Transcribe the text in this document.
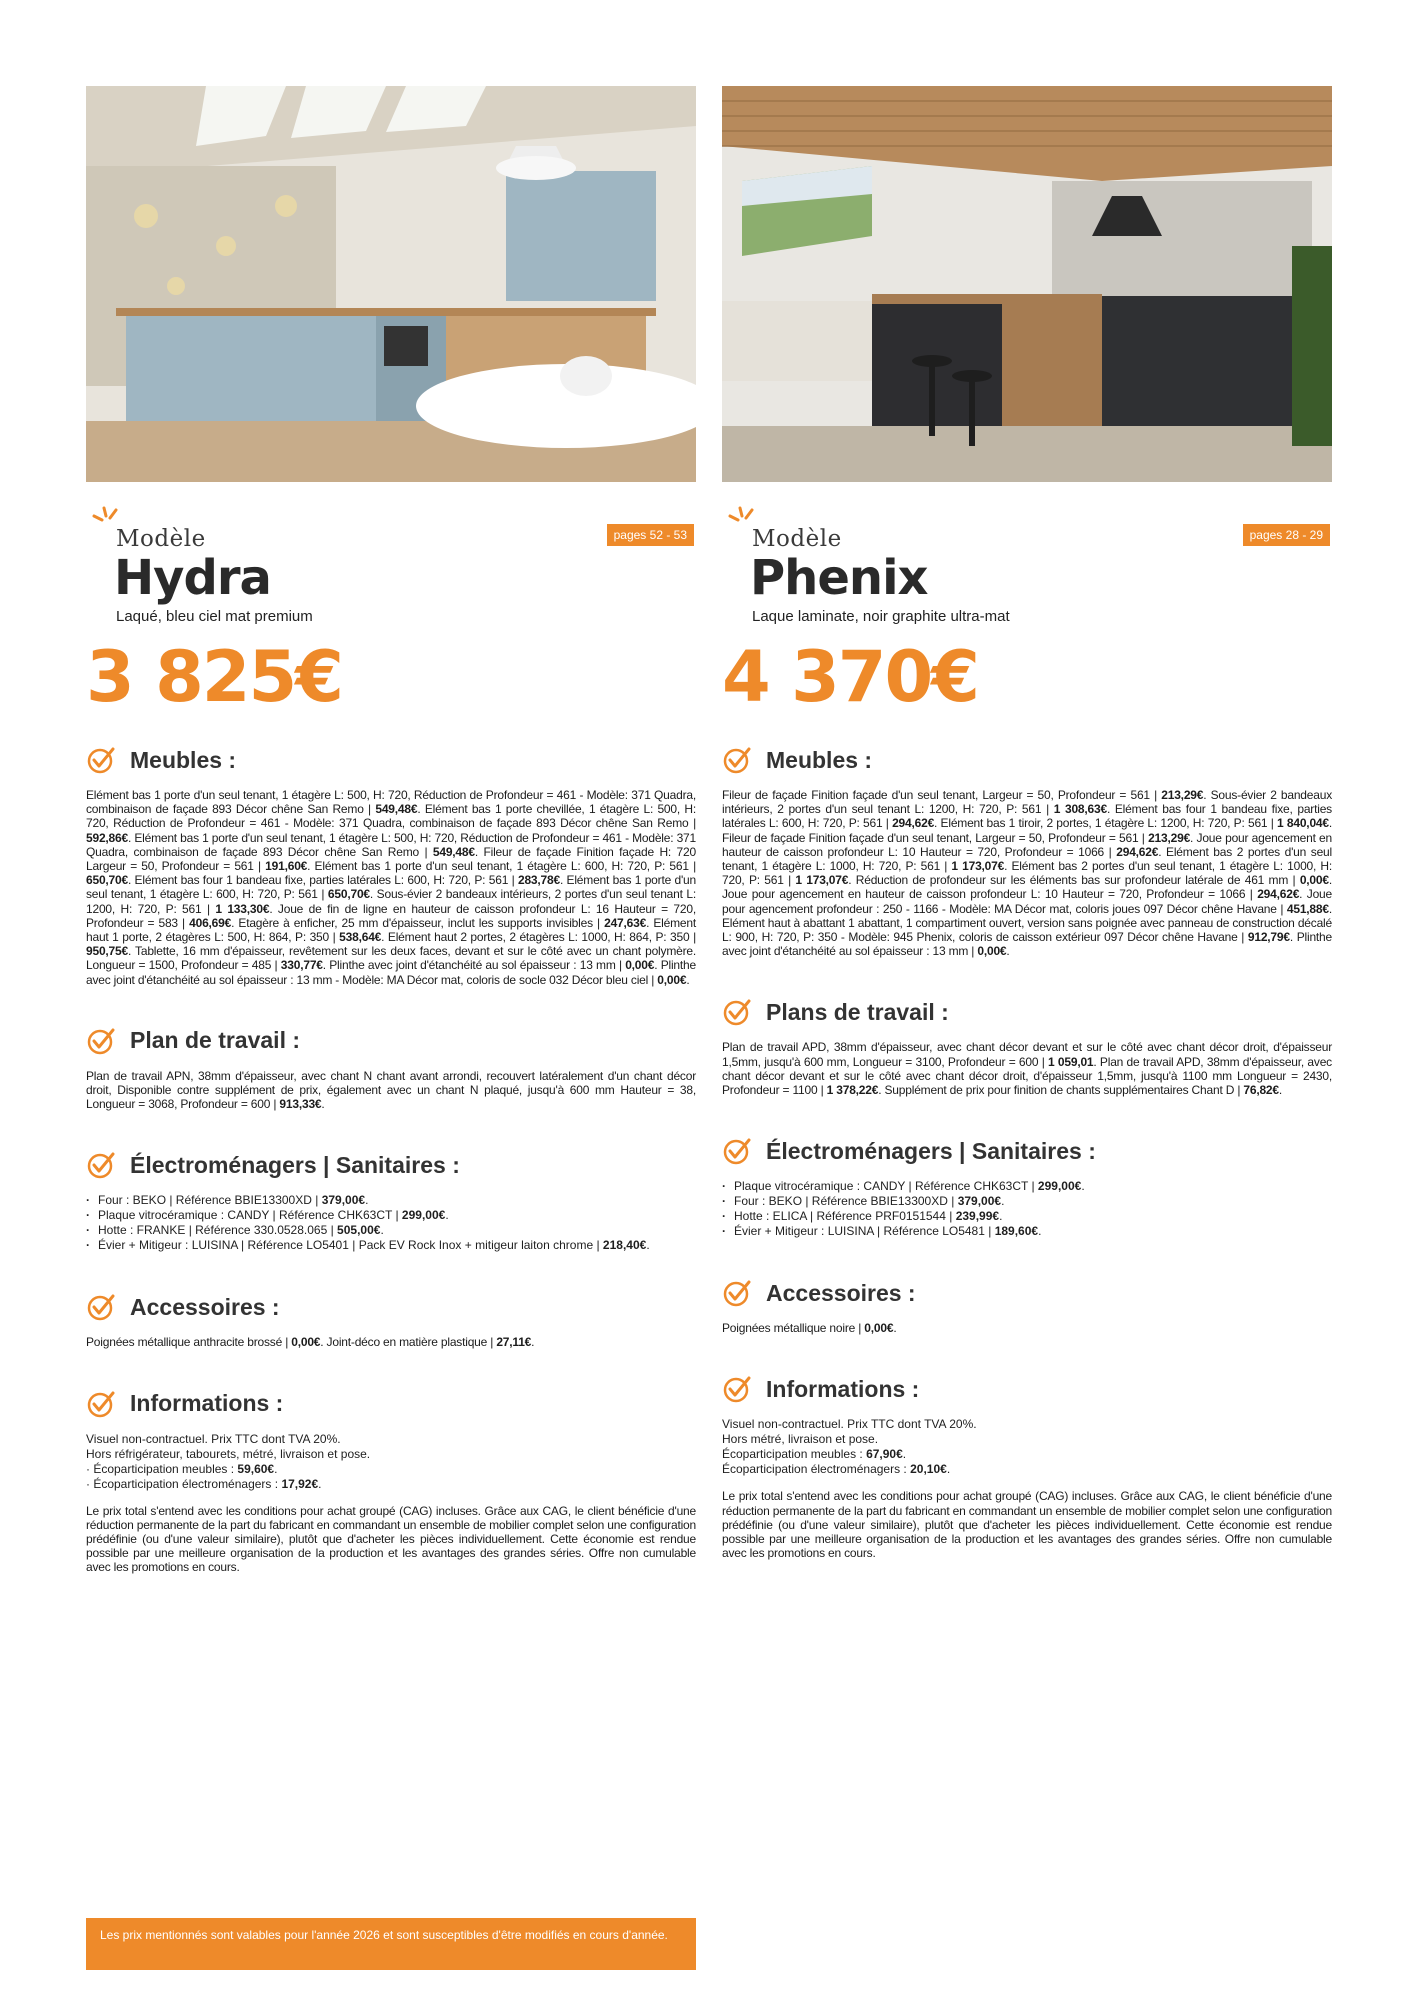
Modèle
Hydra
Laqué, bleu ciel mat premium
pages 52 - 53
3 825€
Meubles :

Elément bas 1 porte d'un seul tenant, 1 étagère L: 500, H: 720, Réduction de Profondeur = 461 - Modèle: 371 Quadra, combinaison de façade 893 Décor chêne San Remo | 549,48€. Elément bas 1 porte chevillée, 1 étagère L: 500, H: 720, Réduction de Profondeur = 461 - Modèle: 371 Quadra, combinaison de façade 893 Décor chêne San Remo | 592,86€. Elément bas 1 porte d'un seul tenant, 1 étagère L: 500, H: 720, Réduction de Profondeur = 461 - Modèle: 371 Quadra, combinaison de façade 893 Décor chêne San Remo | 549,48€. Fileur de façade Finition façade H: 720 Largeur = 50, Profondeur = 561 | 191,60€. Elément bas 1 porte d'un seul tenant, 1 étagère L: 600, H: 720, P: 561 | 650,70€. Elément bas four 1 bandeau fixe, parties latérales L: 600, H: 720, P: 561 | 283,78€. Elément bas 1 porte d'un seul tenant, 1 étagère L: 600, H: 720, P: 561 | 650,70€. Sous-évier 2 bandeaux intérieurs, 2 portes d'un seul tenant L: 1200, H: 720, P: 561 | 1 133,30€. Joue de fin de ligne en hauteur de caisson profondeur L: 16 Hauteur = 720, Profondeur = 583 | 406,69€. Etagère à enficher, 25 mm d'épaisseur, inclut les supports invisibles | 247,63€. Elément haut 1 porte, 2 étagères L: 500, H: 864, P: 350 | 538,64€. Elément haut 2 portes, 2 étagères L: 1000, H: 864, P: 350 | 950,75€. Tablette, 16 mm d'épaisseur, revêtement sur les deux faces, devant et sur le côté avec un chant polymère. Longueur = 1500, Profondeur = 485 | 330,77€. Plinthe avec joint d'étanchéité au sol épaisseur : 13 mm | 0,00€. Plinthe avec joint d'étanchéité au sol épaisseur : 13 mm - Modèle: MA Décor mat, coloris de socle 032 Décor bleu ciel | 0,00€.

Plan de travail :

Plan de travail APN, 38mm d'épaisseur, avec chant N chant avant arrondi, recouvert latéralement d'un chant décor droit, Disponible contre supplément de prix, également avec un chant N plaqué, jusqu'à 600 mm Hauteur = 38, Longueur = 3068, Profondeur = 600 | 913,33€.

Électroménagers | Sanitaires :
· Four : BEKO | Référence BBIE13300XD | 379,00€.
· Plaque vitrocéramique : CANDY | Référence CHK63CT | 299,00€.
· Hotte : FRANKE | Référence 330.0528.065 | 505,00€.
· Évier + Mitigeur : LUISINA | Référence LO5401 | Pack EV Rock Inox + mitigeur laiton chrome | 218,40€.
Accessoires :

Poignées métallique anthracite brossé | 0,00€. Joint-déco en matière plastique | 27,11€.

Informations :
Visuel non-contractuel. Prix TTC dont TVA 20%.
Hors réfrigérateur, tabourets, métré, livraison et pose.
· Écoparticipation meubles : 59,60€.
· Écoparticipation électroménagers : 17,92€.

Le prix total s'entend avec les conditions pour achat groupé (CAG) incluses. Grâce aux CAG, le client bénéficie d'une réduction permanente de la part du fabricant en commandant un ensemble de mobilier complet selon une configuration prédéfinie (ou d'une valeur similaire), plutôt que d'acheter les pièces individuellement. Cette économie est rendue possible par une meilleure organisation de la production et les avantages des grandes séries. Offre non cumulable avec les promotions en cours.

Modèle
Phenix
Laque laminate, noir graphite ultra-mat
pages 28 - 29
4 370€
Meubles :

Fileur de façade Finition façade d'un seul tenant, Largeur = 50, Profondeur = 561 | 213,29€. Sous-évier 2 bandeaux intérieurs, 2 portes d'un seul tenant L: 1200, H: 720, P: 561 | 1 308,63€. Elément bas four 1 bandeau fixe, parties latérales L: 600, H: 720, P: 561 | 294,62€. Elément bas 1 tiroir, 2 portes, 1 étagère L: 1200, H: 720, P: 561 | 1 840,04€. Fileur de façade Finition façade d'un seul tenant, Largeur = 50, Profondeur = 561 | 213,29€. Joue pour agencement en hauteur de caisson profondeur L: 10 Hauteur = 720, Profondeur = 1066 | 294,62€. Elément bas 2 portes d'un seul tenant, 1 étagère L: 1000, H: 720, P: 561 | 1 173,07€. Elément bas 2 portes d'un seul tenant, 1 étagère L: 1000, H: 720, P: 561 | 1 173,07€. Réduction de profondeur sur les éléments bas sur profondeur latérale de 461 mm | 0,00€. Joue pour agencement en hauteur de caisson profondeur L: 10 Hauteur = 720, Profondeur = 1066 | 294,62€. Joue pour agencement profondeur : 250 - 1166 - Modèle: MA Décor mat, coloris joues 097 Décor chêne Havane | 451,88€. Elément haut à abattant 1 abattant, 1 compartiment ouvert, version sans poignée avec panneau de construction décalé L: 900, H: 720, P: 350 - Modèle: 945 Phenix, coloris de caisson extérieur 097 Décor chêne Havane | 912,79€. Plinthe avec joint d'étanchéité au sol épaisseur : 13 mm | 0,00€.

Plans de travail :

Plan de travail APD, 38mm d'épaisseur, avec chant décor devant et sur le côté avec chant décor droit, d'épaisseur 1,5mm, jusqu'à 600 mm, Longueur = 3100, Profondeur = 600 | 1 059,01. Plan de travail APD, 38mm d'épaisseur, avec chant décor devant et sur le côté avec chant décor droit, d'épaisseur 1,5mm, jusqu'à 1100 mm Longueur = 2430, Profondeur = 1100 | 1 378,22€. Supplément de prix pour finition de chants supplémentaires Chant D | 76,82€.

Électroménagers | Sanitaires :
· Plaque vitrocéramique : CANDY | Référence CHK63CT | 299,00€.
· Four : BEKO | Référence BBIE13300XD | 379,00€.
· Hotte : ELICA | Référence PRF0151544 | 239,99€.
· Évier + Mitigeur : LUISINA | Référence LO5481 | 189,60€.
Accessoires :

Poignées métallique noire | 0,00€.

Informations :
Visuel non-contractuel. Prix TTC dont TVA 20%.
Hors métré, livraison et pose.
Écoparticipation meubles : 67,90€.
Écoparticipation électroménagers : 20,10€.

Le prix total s'entend avec les conditions pour achat groupé (CAG) incluses. Grâce aux CAG, le client bénéficie d'une réduction permanente de la part du fabricant en commandant un ensemble de mobilier complet selon une configuration prédéfinie (ou d'une valeur similaire), plutôt que d'acheter les pièces individuellement. Cette économie est rendue possible par une meilleure organisation de la production et les avantages des grandes séries. Offre non cumulable avec les promotions en cours.

Les prix mentionnés sont valables pour l'année 2026 et sont susceptibles d'être modifiés en cours d'année.
